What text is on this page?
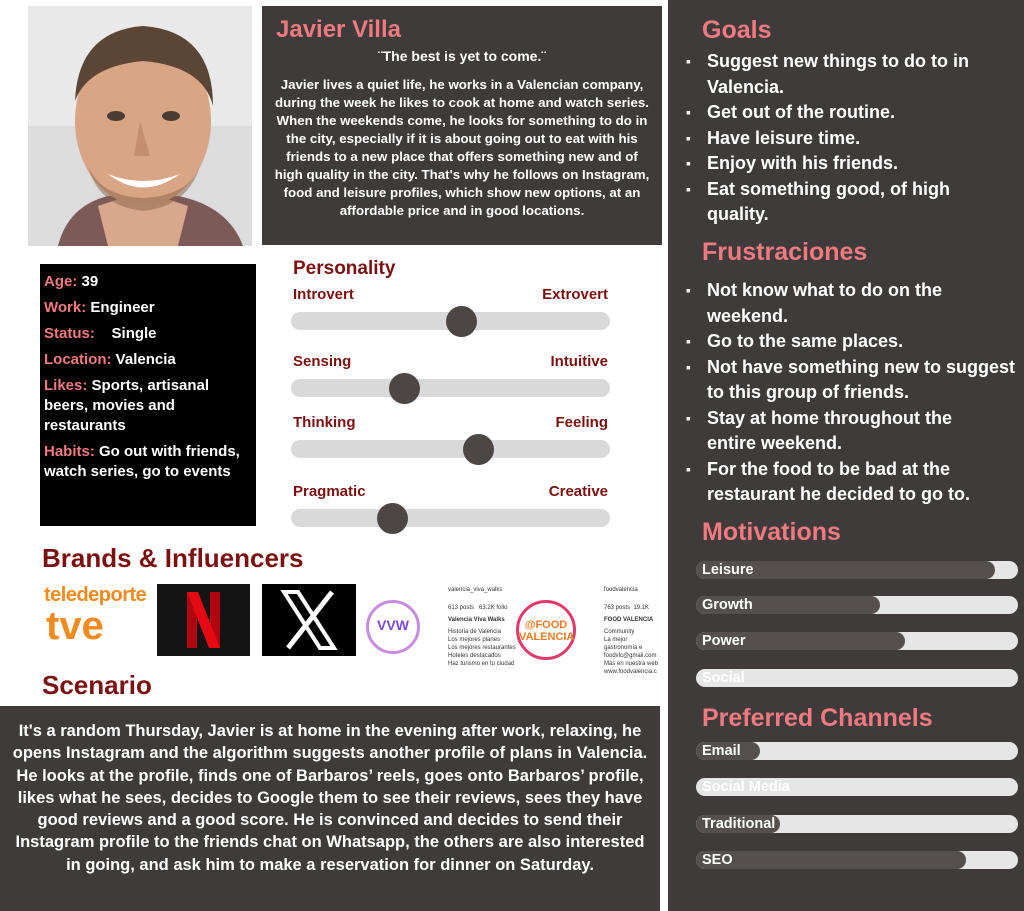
Javier Villa
¨The best is yet to come.¨
Javier lives a quiet life, he works in a Valencian company, during the week he likes to cook at home and watch series. When the weekends come, he looks for something to do in the city, especially if it is about going out to eat with his friends to a new place that offers something new and of high quality in the city. That's why he follows on Instagram, food and leisure profiles, which show new options, at an affordable price and in good locations.
Age: 39
Work: Engineer
Status: Single
Location: Valencia
Likes: Sports, artisanal beers, movies and restaurants
Habits: Go out with friends, watch series, go to events
Personality
Introvert	Extrovert
Sensing	Intuitive
Thinking	Feeling
Pragmatic	Creative
Brands & Influencers
teledeporte
tve	VVW
valencia_viva_walks
613 posts 63.2K follo
Valencia Viva Walks
Historia de Valencia
Los mejores planes
Los mejores restaurantes
Hoteles destacados
Haz turismo en tu ciudad
@FOOD VALENCIA
foodvalencia
763 posts 19.1K
FOOD VALENCIA
Community
La mejor gastronomía e
foodvlc@gmail.com
Más en nuestra web
www.foodvalencia.c
Scenario
It's a random Thursday, Javier is at home in the evening after work, relaxing, he opens Instagram and the algorithm suggests another profile of plans in Valencia. He looks at the profile, finds one of Barbaros’ reels, goes onto Barbaros’ profile, likes what he sees, decides to Google them to see their reviews, sees they have good reviews and a good score. He is convinced and decides to send their Instagram profile to the friends chat on Whatsapp, the others are also interested in going, and ask him to make a reservation for dinner on Saturday.
Goals
▪ Suggest new things to do to in Valencia.
▪ Get out of the routine.
▪ Have leisure time.
▪ Enjoy with his friends.
▪ Eat something good, of high quality.
Frustraciones
▪ Not know what to do on the weekend.
▪ Go to the same places.
▪ Not have something new to suggest to this group of friends.
▪ Stay at home throughout the entire weekend.
▪ For the food to be bad at the restaurant he decided to go to.
Motivations
Leisure
Growth
Power
Social
Preferred Channels
Email
Social Media
Traditional
SEO
